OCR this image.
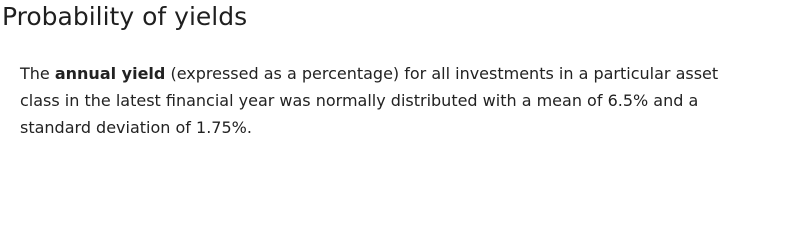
Probability of yields

The annual yield (expressed as a percentage) for all investments in a particular asset
class in the latest financial year was normally distributed with a mean of 6.5% and a
standard deviation of 1.75%.
